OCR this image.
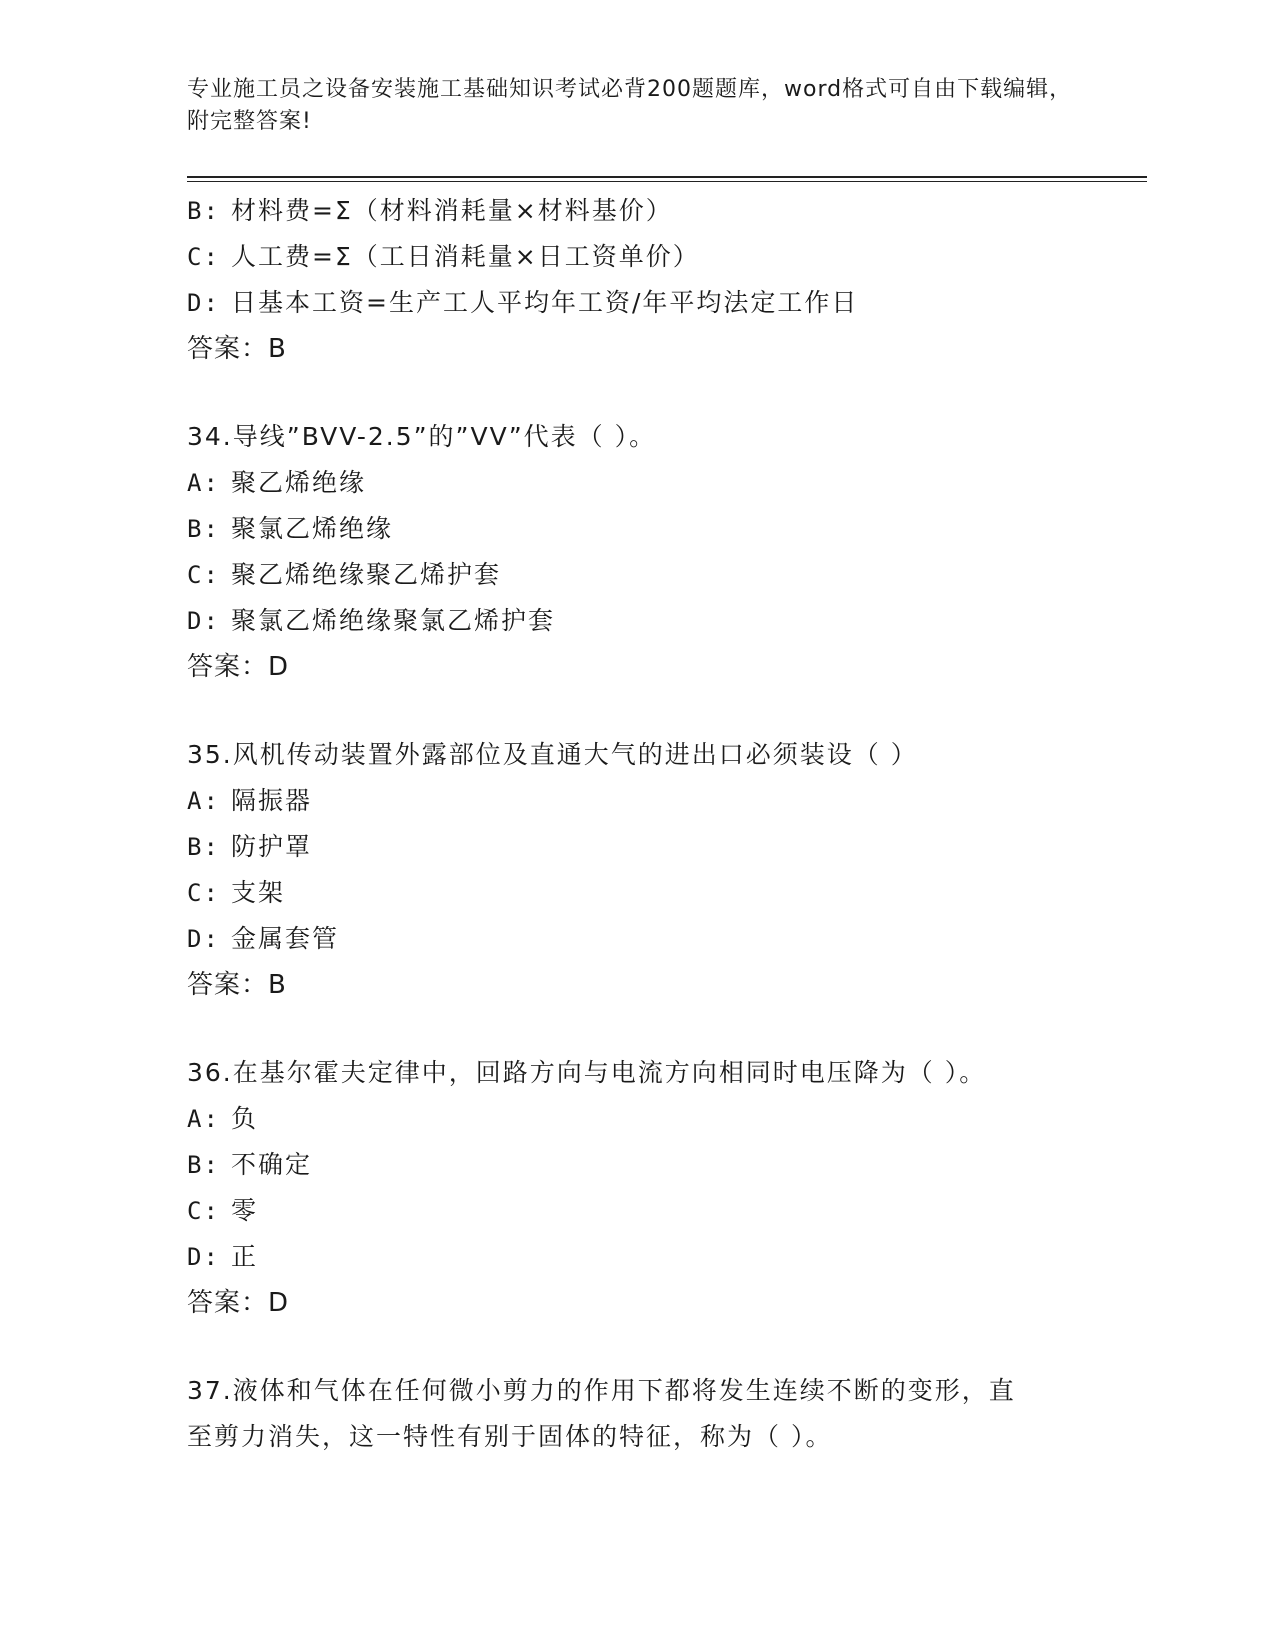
专业施工员之设备安装施工基础知识考试必背200题题库，word格式可自由下载编辑，附完整答案!
B: 材料费=Σ（材料消耗量×材料基价）
C: 人工费=Σ（工日消耗量×日工资单价）
D: 日基本工资=生产工人平均年工资/年平均法定工作日
答案：B
34.导线”BVV-2.5”的”VV”代表（ ）。
A: 聚乙烯绝缘
B: 聚氯乙烯绝缘
C: 聚乙烯绝缘聚乙烯护套
D: 聚氯乙烯绝缘聚氯乙烯护套
答案：D
35.风机传动装置外露部位及直通大气的进出口必须装设（ ）
A: 隔振器
B: 防护罩
C: 支架
D: 金属套管
答案：B
36.在基尔霍夫定律中，回路方向与电流方向相同时电压降为（ ）。
A: 负
B: 不确定
C: 零
D: 正
答案：D
37.液体和气体在任何微小剪力的作用下都将发生连续不断的变形，直
至剪力消失，这一特性有别于固体的特征，称为（ ）。
